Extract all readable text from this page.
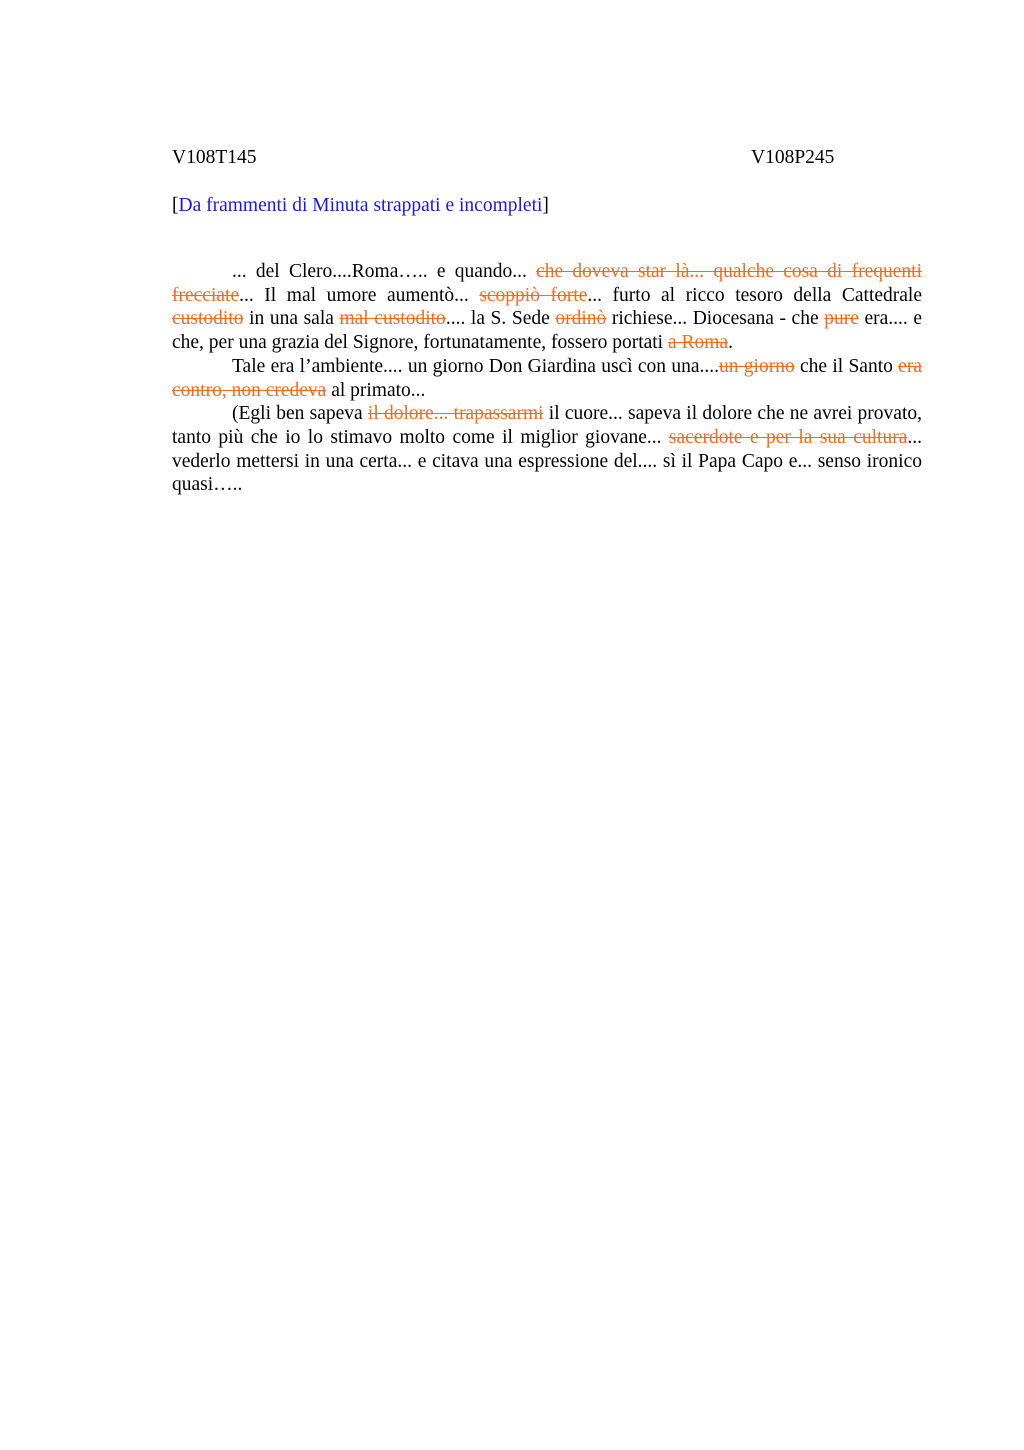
V108T145	V108P245
[Da frammenti di Minuta strappati e incompleti]

... del Clero....Roma….. e quando... che doveva star là... qualche cosa di frequenti frecciate... Il mal umore aumentò... scoppiò forte... furto al ricco tesoro della Cattedrale custodito in una sala mal custodito.... la S. Sede ordinò richiese... Diocesana - che pure era.... e che, per una grazia del Signore, fortunatamente, fossero portati a Roma.

Tale era l’ambiente.... un giorno Don Giardina uscì con una....un giorno che il Santo era contro, non credeva al primato...

(Egli ben sapeva il dolore... trapassarmi il cuore... sapeva il dolore che ne avrei provato, tanto più che io lo stimavo molto come il miglior giovane... sacerdote e per la sua cultura... vederlo mettersi in una certa... e citava una espressione del.... sì il Papa Capo e... senso ironico quasi…..
